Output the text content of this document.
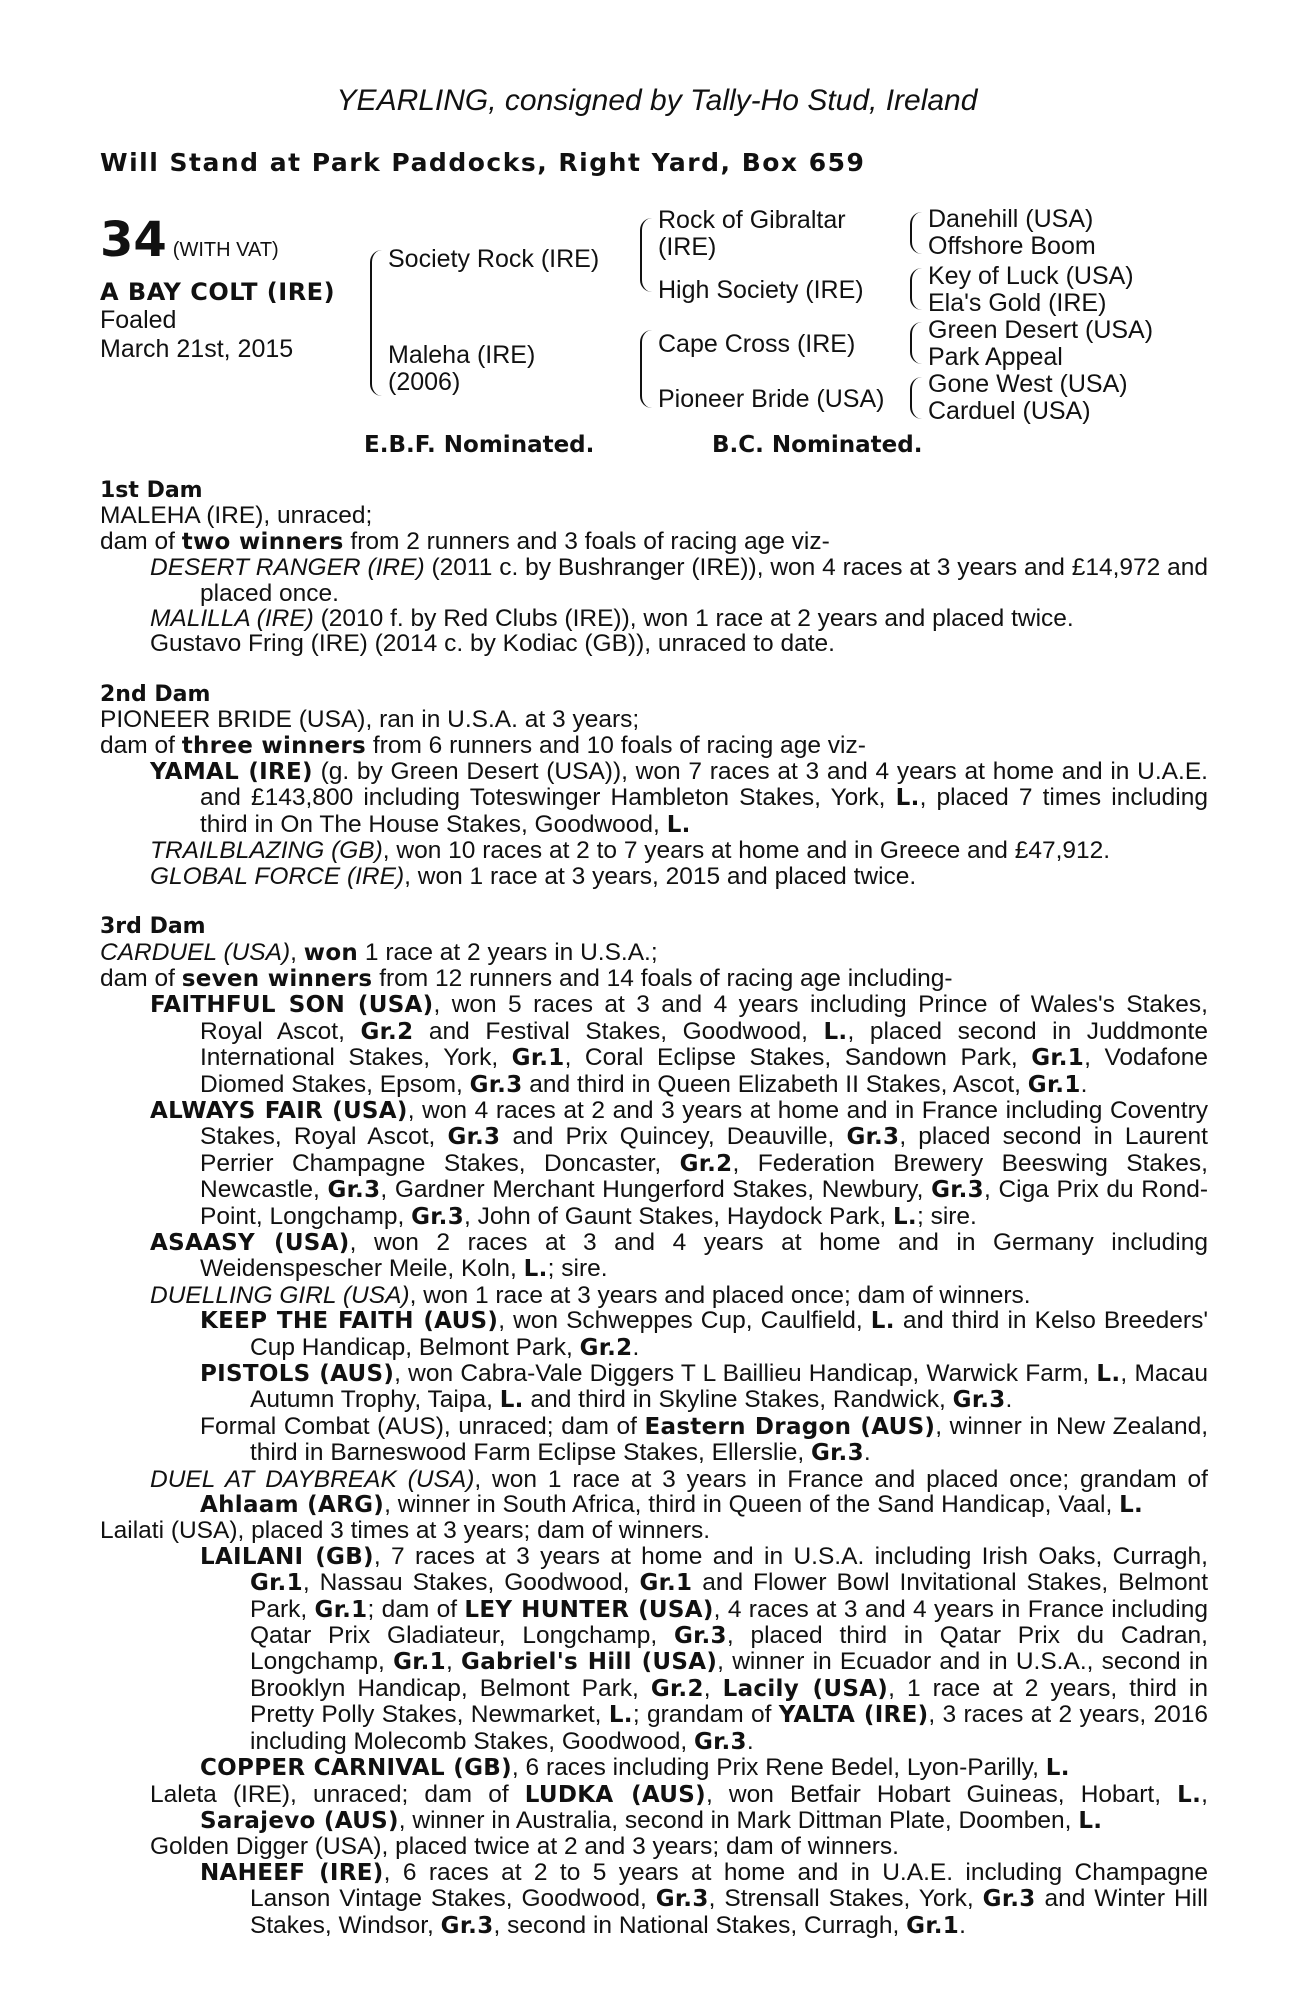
YEARLING, consigned by Tally-Ho Stud, Ireland
Will Stand at Park Paddocks, Right Yard, Box 659
34 (WITH VAT)
A BAY COLT (IRE)
Foaled
March 21st, 2015
Society Rock (IRE)
Maleha (IRE)
(2006)
Rock of Gibraltar
(IRE)
High Society (IRE)
Cape Cross (IRE)
Pioneer Bride (USA)
Danehill (USA)
Offshore Boom
Key of Luck (USA)
Ela's Gold (IRE)
Green Desert (USA)
Park Appeal
Gone West (USA)
Carduel (USA)
E.B.F. Nominated.	B.C. Nominated.
1st Dam

MALEHA (IRE), unraced;

dam of two winners from 2 runners and 3 foals of racing age viz-

DESERT RANGER (IRE) (2011 c. by Bushranger (IRE)), won 4 races at 3 years and £14,972 and placed once.

MALILLA (IRE) (2010 f. by Red Clubs (IRE)), won 1 race at 2 years and placed twice.

Gustavo Fring (IRE) (2014 c. by Kodiac (GB)), unraced to date.

2nd Dam

PIONEER BRIDE (USA), ran in U.S.A. at 3 years;

dam of three winners from 6 runners and 10 foals of racing age viz-

YAMAL (IRE) (g. by Green Desert (USA)), won 7 races at 3 and 4 years at home and in U.A.E. and £143,800 including Toteswinger Hambleton Stakes, York, L., placed 7 times including third in On The House Stakes, Goodwood, L.

TRAILBLAZING (GB), won 10 races at 2 to 7 years at home and in Greece and £47,912.

GLOBAL FORCE (IRE), won 1 race at 3 years, 2015 and placed twice.

3rd Dam

CARDUEL (USA), won 1 race at 2 years in U.S.A.;

dam of seven winners from 12 runners and 14 foals of racing age including-

FAITHFUL SON (USA), won 5 races at 3 and 4 years including Prince of Wales's Stakes, Royal Ascot, Gr.2 and Festival Stakes, Goodwood, L., placed second in Juddmonte International Stakes, York, Gr.1, Coral Eclipse Stakes, Sandown Park, Gr.1, Vodafone Diomed Stakes, Epsom, Gr.3 and third in Queen Elizabeth II Stakes, Ascot, Gr.1.

ALWAYS FAIR (USA), won 4 races at 2 and 3 years at home and in France including Coventry Stakes, Royal Ascot, Gr.3 and Prix Quincey, Deauville, Gr.3, placed second in Laurent Perrier Champagne Stakes, Doncaster, Gr.2, Federation Brewery Beeswing Stakes, Newcastle, Gr.3, Gardner Merchant Hungerford Stakes, Newbury, Gr.3, Ciga Prix du Rond-Point, Longchamp, Gr.3, John of Gaunt Stakes, Haydock Park, L.; sire.

ASAASY (USA), won 2 races at 3 and 4 years at home and in Germany including Weidenspescher Meile, Koln, L.; sire.

DUELLING GIRL (USA), won 1 race at 3 years and placed once; dam of winners.

KEEP THE FAITH (AUS), won Schweppes Cup, Caulfield, L. and third in Kelso Breeders' Cup Handicap, Belmont Park, Gr.2.

PISTOLS (AUS), won Cabra-Vale Diggers T L Baillieu Handicap, Warwick Farm, L., Macau Autumn Trophy, Taipa, L. and third in Skyline Stakes, Randwick, Gr.3.

Formal Combat (AUS), unraced; dam of Eastern Dragon (AUS), winner in New Zealand, third in Barneswood Farm Eclipse Stakes, Ellerslie, Gr.3.

DUEL AT DAYBREAK (USA), won 1 race at 3 years in France and placed once; grandam of Ahlaam (ARG), winner in South Africa, third in Queen of the Sand Handicap, Vaal, L.

Lailati (USA), placed 3 times at 3 years; dam of winners.

LAILANI (GB), 7 races at 3 years at home and in U.S.A. including Irish Oaks, Curragh, Gr.1, Nassau Stakes, Goodwood, Gr.1 and Flower Bowl Invitational Stakes, Belmont Park, Gr.1; dam of LEY HUNTER (USA), 4 races at 3 and 4 years in France including Qatar Prix Gladiateur, Longchamp, Gr.3, placed third in Qatar Prix du Cadran, Longchamp, Gr.1, Gabriel's Hill (USA), winner in Ecuador and in U.S.A., second in Brooklyn Handicap, Belmont Park, Gr.2, Lacily (USA), 1 race at 2 years, third in Pretty Polly Stakes, Newmarket, L.; grandam of YALTA (IRE), 3 races at 2 years, 2016 including Molecomb Stakes, Goodwood, Gr.3.

COPPER CARNIVAL (GB), 6 races including Prix Rene Bedel, Lyon-Parilly, L.

Laleta (IRE), unraced; dam of LUDKA (AUS), won Betfair Hobart Guineas, Hobart, L., Sarajevo (AUS), winner in Australia, second in Mark Dittman Plate, Doomben, L.

Golden Digger (USA), placed twice at 2 and 3 years; dam of winners.

NAHEEF (IRE), 6 races at 2 to 5 years at home and in U.A.E. including Champagne Lanson Vintage Stakes, Goodwood, Gr.3, Strensall Stakes, York, Gr.3 and Winter Hill Stakes, Windsor, Gr.3, second in National Stakes, Curragh, Gr.1.
